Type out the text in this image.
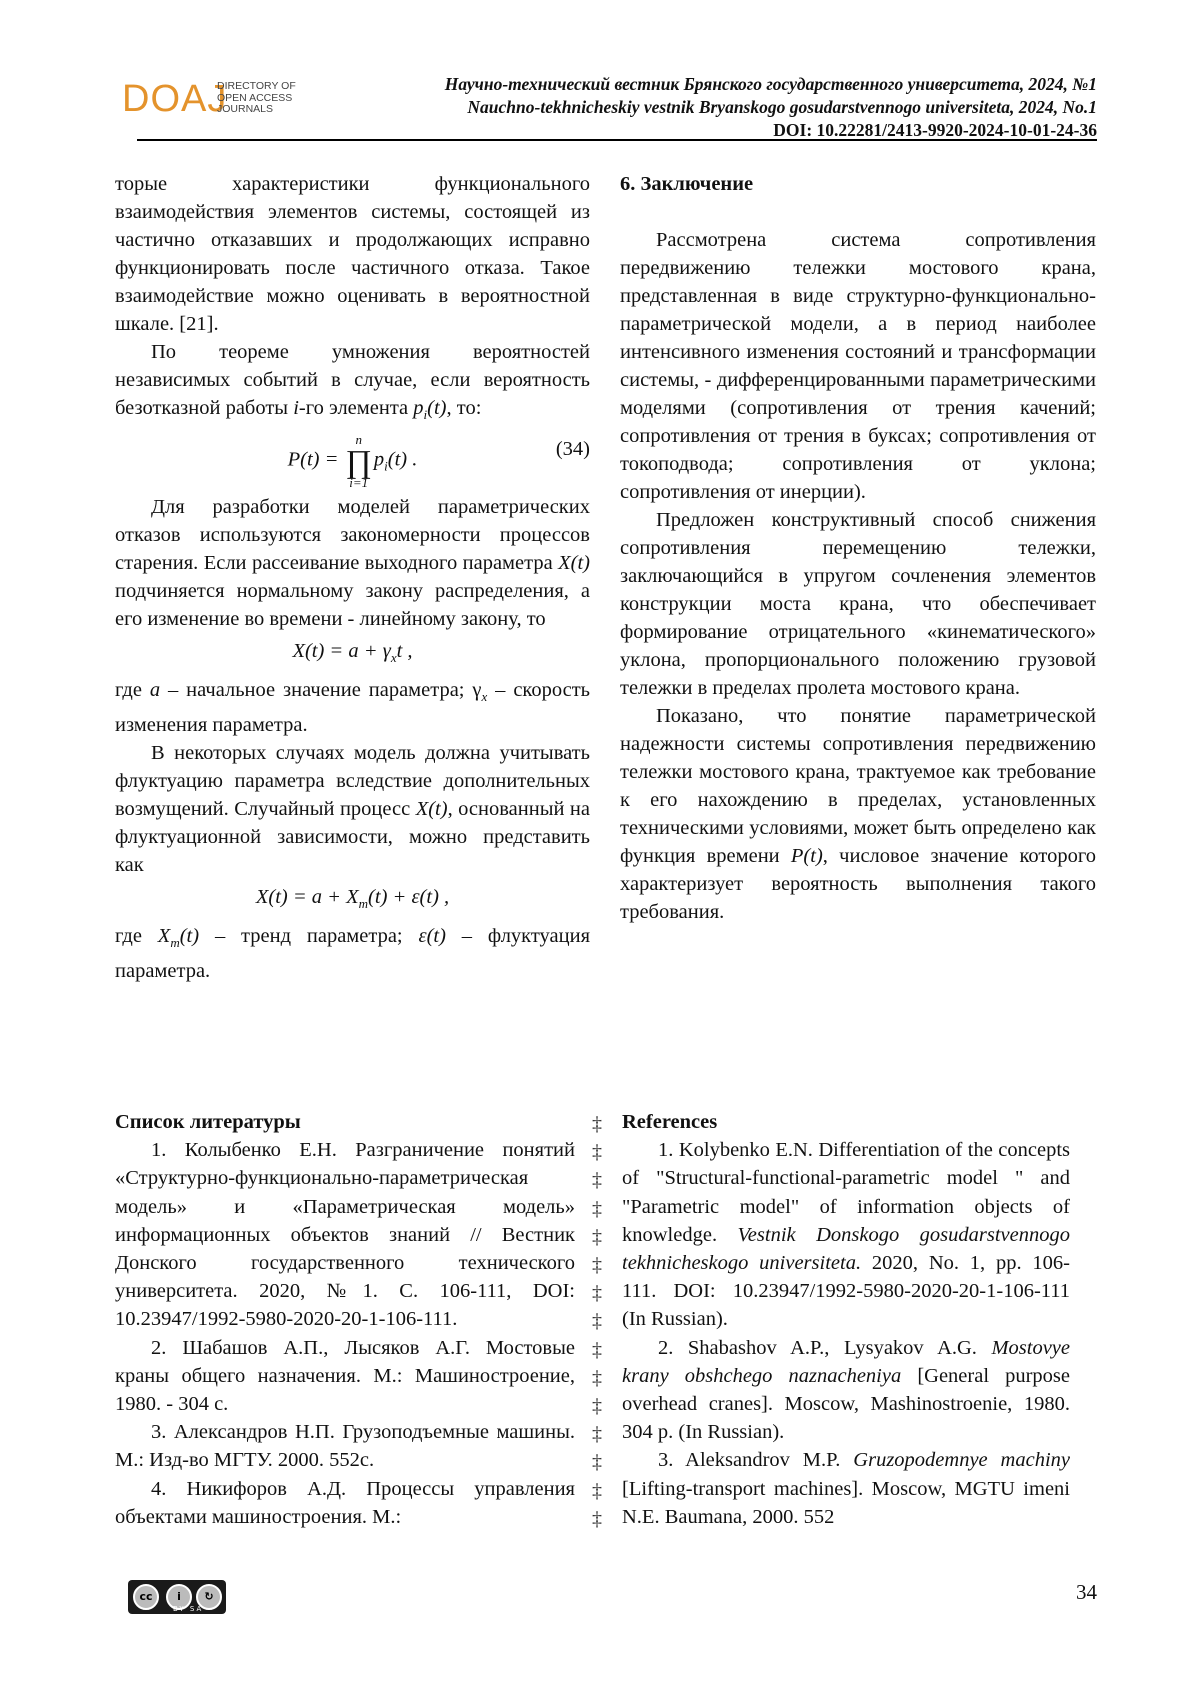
DOAJ
DIRECTORY OF
OPEN ACCESS
JOURNALS
Научно-технический вестник Брянского государственного университета, 2024, №1
Nauchno-tekhnicheskiy vestnik Bryanskogo gosudarstvennogo universiteta, 2024, No.1
DOI: 10.22281/2413-9920-2024-10-01-24-36

торые характеристики функционального взаимодействия элементов системы, состоящей из частично отказавших и продолжающих исправно функционировать после частичного отказа. Такое взаимодействие можно оценивать в вероятностной шкале. [21].

По теореме умножения вероятностей независимых событий в случае, если вероятность безотказной работы i-го элемента $p_i(t)$, то:

P(t) = n
∏
$i=1p_i(t)$ .	(34)

Для разработки моделей параметрических отказов используются закономерности процессов старения. Если рассеивание выходного параметра X(t) подчиняется нормальному закону распределения, а его изменение во времени - линейному закону, то

$X(t) = a + \gamma_xt$ ,

где a – начальное значение параметра; $\gamma_x$ – скорость изменения параметра.

В некоторых случаях модель должна учитывать флуктуацию параметра вследствие дополнительных возмущений. Случайный процесс X(t), основанный на флуктуационной зависимости, можно представить как

$X(t) = a + X_т(t) + \varepsilon(t)$ ,

где $X_т(t)$ – тренд параметра; ε(t) – флуктуация параметра.

6. Заключение

Рассмотрена система сопротивления передвижению тележки мостового крана, представленная в виде структурно-функционально-параметрической модели, а в период наиболее интенсивного изменения состояний и трансформации системы, - дифференцированными параметрическими моделями (сопротивления от трения качений; сопротивления от трения в буксах; сопротивления от токоподвода; сопротивления от уклона; сопротивления от инерции).

Предложен конструктивный способ снижения сопротивления перемещению тележки, заключающийся в упругом сочленения элементов конструкции моста крана, что обеспечивает формирование отрицательного «кинематического» уклона, пропорционального положению грузовой тележки в пределах пролета мостового крана.

Показано, что понятие параметрической надежности системы сопротивления передвижению тележки мостового крана, трактуемое как требование к его нахождению в пределах, установленных техническими условиями, может быть определено как функция времени P(t), числовое значение которого характеризует вероятность выполнения такого требования.

Список литературы

1. Колыбенко Е.Н. Разграничение понятий «Структурно-функционально-параметрическая модель» и «Параметрическая модель» информационных объектов знаний // Вестник Донского государственного технического университета. 2020, №1. С. 106-111, DOI: 10.23947/1992-5980-2020-20-1-106-111.

2. Шабашов А.П., Лысяков А.Г. Мостовые краны общего назначения. М.: Машиностроение, 1980. - 304 с.

3. Александров Н.П. Грузоподъемные машины. М.: Изд-во МГТУ. 2000. 552с.

4. Никифоров А.Д. Процессы управления объектами машиностроения. М.:

‡
‡
‡
‡
‡
‡
‡
‡
‡
‡
‡
‡
‡
‡
‡

References

1. Kolybenko E.N. Differentiation of the concepts of "Structural-functional-parametric model " and "Parametric model" of information objects of knowledge. Vestnik Donskogo gosudarstvennogo tekhnicheskogo universiteta. 2020, No. 1, pp. 106-111. DOI: 10.23947/1992-5980-2020-20-1-106-111 (In Russian).

2. Shabashov A.P., Lysyakov A.G. Mostovye krany obshchego naznacheniya [General purpose overhead cranes]. Moscow, Mashinostroenie, 1980. 304 p. (In Russian).

3. Aleksandrov M.P. Gruzopodemnye machiny [Lifting-transport machines]. Moscow, MGTU imeni N.E. Baumana, 2000. 552

cc	i	↻
BY SA
34
